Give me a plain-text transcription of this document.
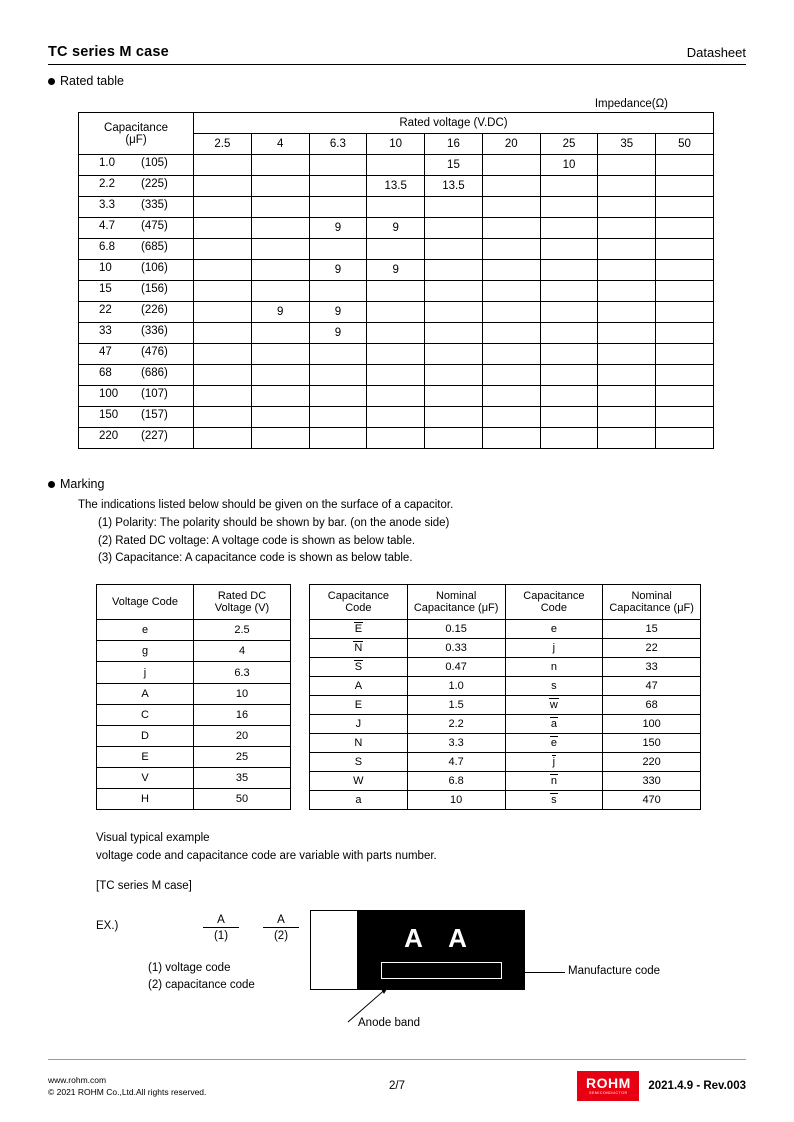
TC series M case	Datasheet
Rated table
Impedance(Ω)
Capacitance
(μF)	Rated voltage (V.DC)								
	2.5	4	6.3	10	16	20	25	35	50

1.0 (105)					15		10		

2.2 (225)				13.5	13.5				

3.3 (335)									

4.7 (475)			9	9					

6.8 (685)									

10 (106)			9	9					

15 (156)									

22 (226)		9	9						

33 (336)			9						

47 (476)									

68 (686)									

100 (107)									

150 (157)									

220 (227)									

Marking
The indications listed below should be given on the surface of a capacitor.
(1) Polarity: The polarity should be shown by bar. (on the anode side)
(2) Rated DC voltage: A voltage code is shown as below table.
(3) Capacitance: A capacitance code is shown as below table.
Voltage Code	Rated DC
Voltage (V)

e	2.5
g	4
j	6.3
A	10
C	16
D	20
E	25
V	35
H	50
Capacitance
Code

Nominal
Capacitance (μF)

Capacitance
Code

Nominal
Capacitance (μF)

E	0.15	e	15
N	0.33	j	22
S	0.47	n	33
A	1.0	s	47
E	1.5	w	68
J	2.2	a	100
N	3.3	e	150
S	4.7	j	220
W	6.8	n	330
a	10	s	470
Visual typical example
voltage code and capacitance code are variable with parts number.
[TC series M case]
EX.)	A
(1)
A
(2)
(1) voltage code
(2) capacitance code
A A
Manufacture code
Anode band
www.rohm.com
© 2021 ROHM Co.,Ltd.All rights reserved.	2/7	ROHM
SEMICONDUCTOR
2021.4.9 - Rev.003
